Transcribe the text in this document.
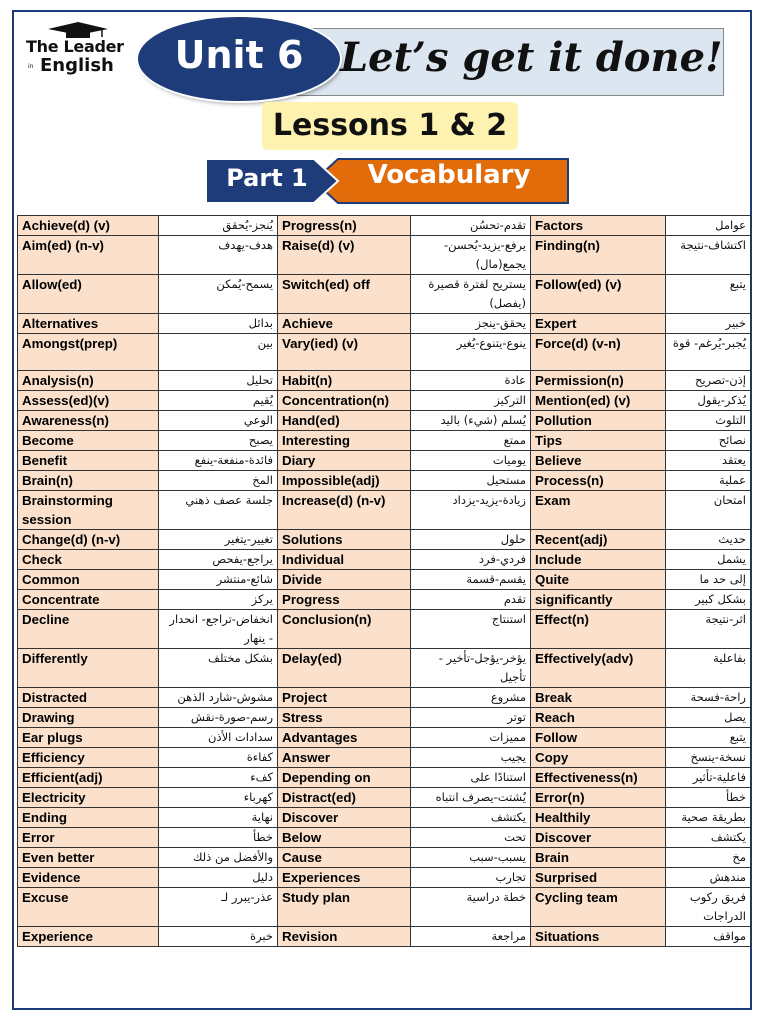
The Leader
in English	Let’s get it done!
Unit 6
Lessons 1 & 2
Part 1	Vocabulary
Achieve(d) (v)	يُنجز-يُحقق	Progress(n)	تقدم-تحسُن	Factors	عوامل
Aim(ed) (n-v)	هدف-يهدف	Raise(d) (v)	يرفع-يزيد-يُحسن- يجمع(مال)	Finding(n)	اكتشاف-نتيجة
Allow(ed)	يسمح-يُمكن	Switch(ed) off	يستريح لفترة قصيرة (يفصل)	Follow(ed) (v)	يتبع
Alternatives	بدائل	Achieve	يحقق-ينجز	Expert	خبير
Amongst(prep)	بين	Vary(ied) (v)	ينوع-يتنوع-يُغير	Force(d) (v-n)	يُجبر-يُرغم- قوة
Analysis(n)	تحليل	Habit(n)	عادة	Permission(n)	إذن-تصريح
Assess(ed)(v)	يُقيم	Concentration(n)	التركيز	Mention(ed) (v)	يُذكر-يقول
Awareness(n)	الوعي	Hand(ed)	يُسلم (شيء) باليد	Pollution	التلوث
Become	يصبح	Interesting	ممتع	Tips	نصائح
Benefit	فائدة-منفعة-ينفع	Diary	يوميات	Believe	يعتقد
Brain(n)	المخ	Impossible(adj)	مستحيل	Process(n)	عملية
Brainstorming session	جلسة عصف ذهني	Increase(d) (n-v)	زيادة-يزيد-يزداد	Exam	امتحان
Change(d) (n-v)	تغيير-يتغير	Solutions	حلول	Recent(adj)	حديث
Check	يراجع-يفحص	Individual	فردي-فرد	Include	يشمل
Common	شائع-منتشر	Divide	يقسم-قسمة	Quite	إلى حد ما
Concentrate	يركز	Progress	تقدم	significantly	بشكل كبير
Decline	انخفاض-تراجع- انحدار - ينهار	Conclusion(n)	استنتاج	Effect(n)	اثر-نتيجة
Differently	بشكل مختلف	Delay(ed)	يؤخر-يؤجل-تأخير - تأجيل	Effectively(adv)	بفاعلية
Distracted	مشوش-شارد الذهن	Project	مشروع	Break	راحة-فسحة
Drawing	رسم-صورة-نقش	Stress	توتر	Reach	يصل
Ear plugs	سدادات الأذن	Advantages	مميزات	Follow	يتبع
Efficiency	كفاءة	Answer	يجيب	Copy	نسخة-ينسخ
Efficient(adj)	كفء	Depending on	استنادًا على	Effectiveness(n)	فاعلية-تأثير
Electricity	كهرباء	Distract(ed)	يُشتت-يصرف انتباه	Error(n)	خطأ
Ending	نهاية	Discover	يكتشف	Healthily	بطريقة صحية
Error	خطأ	Below	تحت	Discover	يكتشف
Even better	والأفضل من ذلك	Cause	يسبب-سبب	Brain	مخ
Evidence	دليل	Experiences	تجارب	Surprised	مندهش
Excuse	عذر-يبرر لـ	Study plan	خطة دراسية	Cycling team	فريق ركوب الدراجات
Experience	خبرة	Revision	مراجعة	Situations	مواقف
